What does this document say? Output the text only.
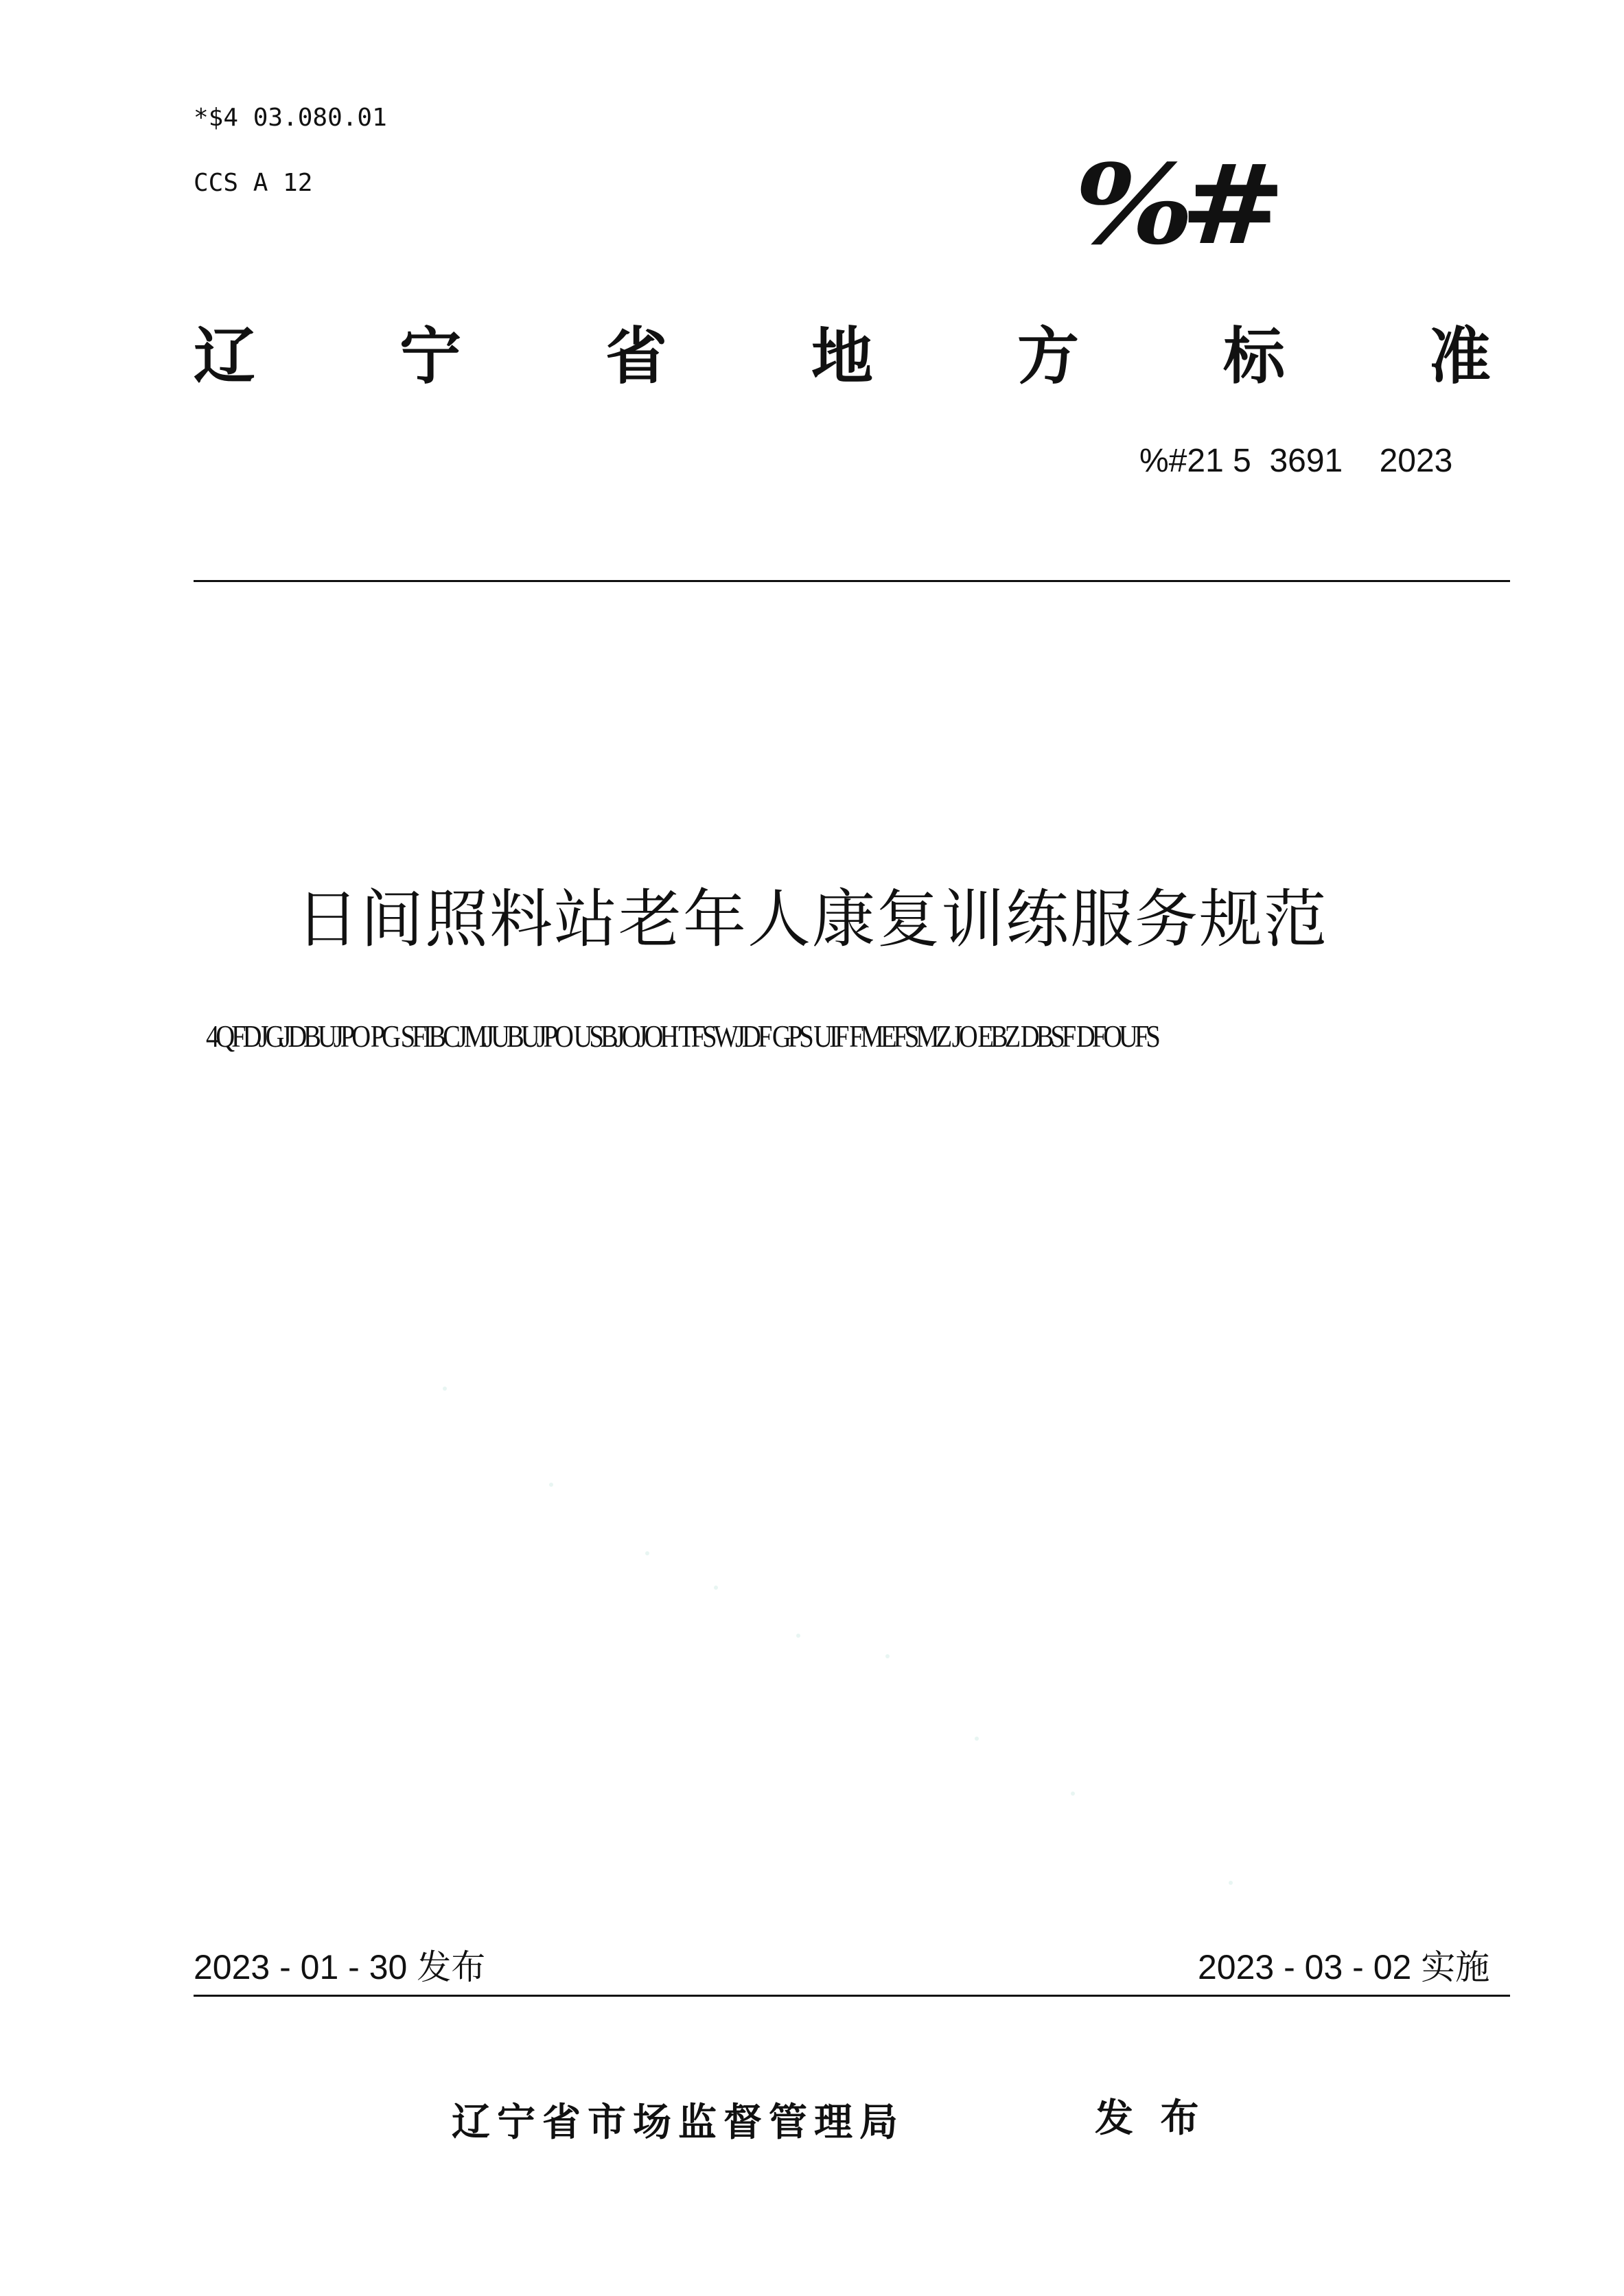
*$4 03.080.01
CCS A 12	%#
辽 宁 省 地 方 标 准
%#21 5  3691    2023
日间照料站老年人康复训练服务规范
4QFDJGJDBUJPO PG SFIBCJMJUBUJPO USBJOJOH TFSWJDF GPS UIF FMEFSMZ JO EBZ DBSF DFOUFS
2023 - 01 - 30 发布	2023 - 03 - 02 实施
辽宁省市场监督管理局	发 布
